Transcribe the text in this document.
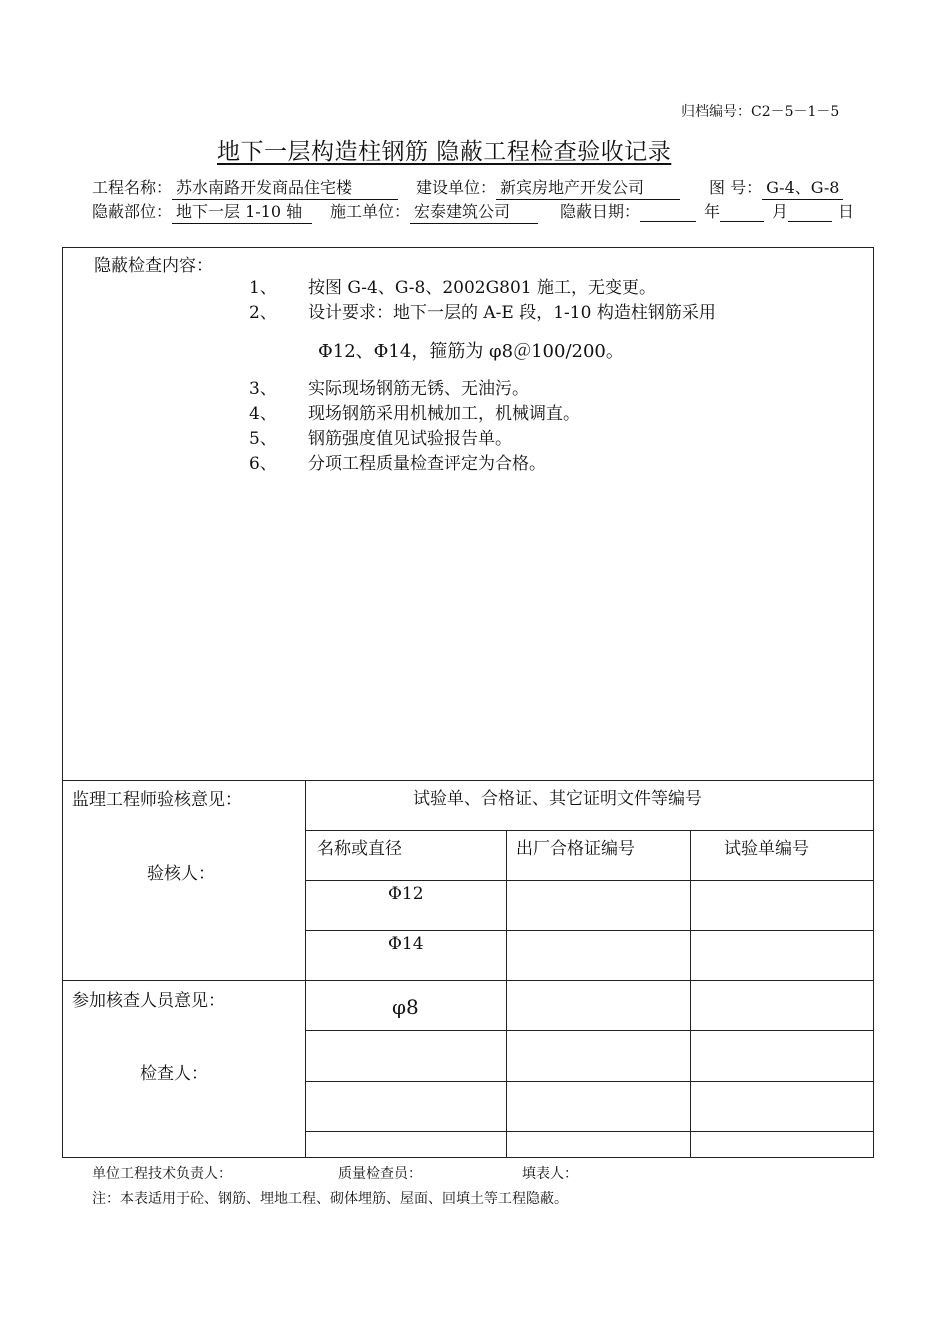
归档编号：C2－5－1－5
地下一层构造柱钢筋 隐蔽工程检查验收记录
工程名称： 苏水南路开发商品住宅楼	建设单位： 新宾房地产开发公司	图 号： G-4、G-8
隐蔽部位： 地下一层 1-10 轴	施工单位： 宏泰建筑公司	隐蔽日期：	年	月	日
隐蔽检查内容：
1、 按图 G-4、G-8、2002G801 施工，无变更。
2、 设计要求：地下一层的 A-E 段，1-10 构造柱钢筋采用
Φ12、Φ14，箍筋为 φ8＠100/200。
3、 实际现场钢筋无锈、无油污。
4、 现场钢筋采用机械加工，机械调直。
5、 钢筋强度值见试验报告单。
6、 分项工程质量检查评定为合格。
监理工程师验核意见：
验核人：
参加核查人员意见：
检查人：
试验单、合格证、其它证明文件等编号
名称或直径	出厂合格证编号	试验单编号
Φ12
Φ14
φ8
单位工程技术负责人：	质量检查员：	填表人：
注：本表适用于砼、钢筋、埋地工程、砌体埋筋、屋面、回填土等工程隐蔽。
